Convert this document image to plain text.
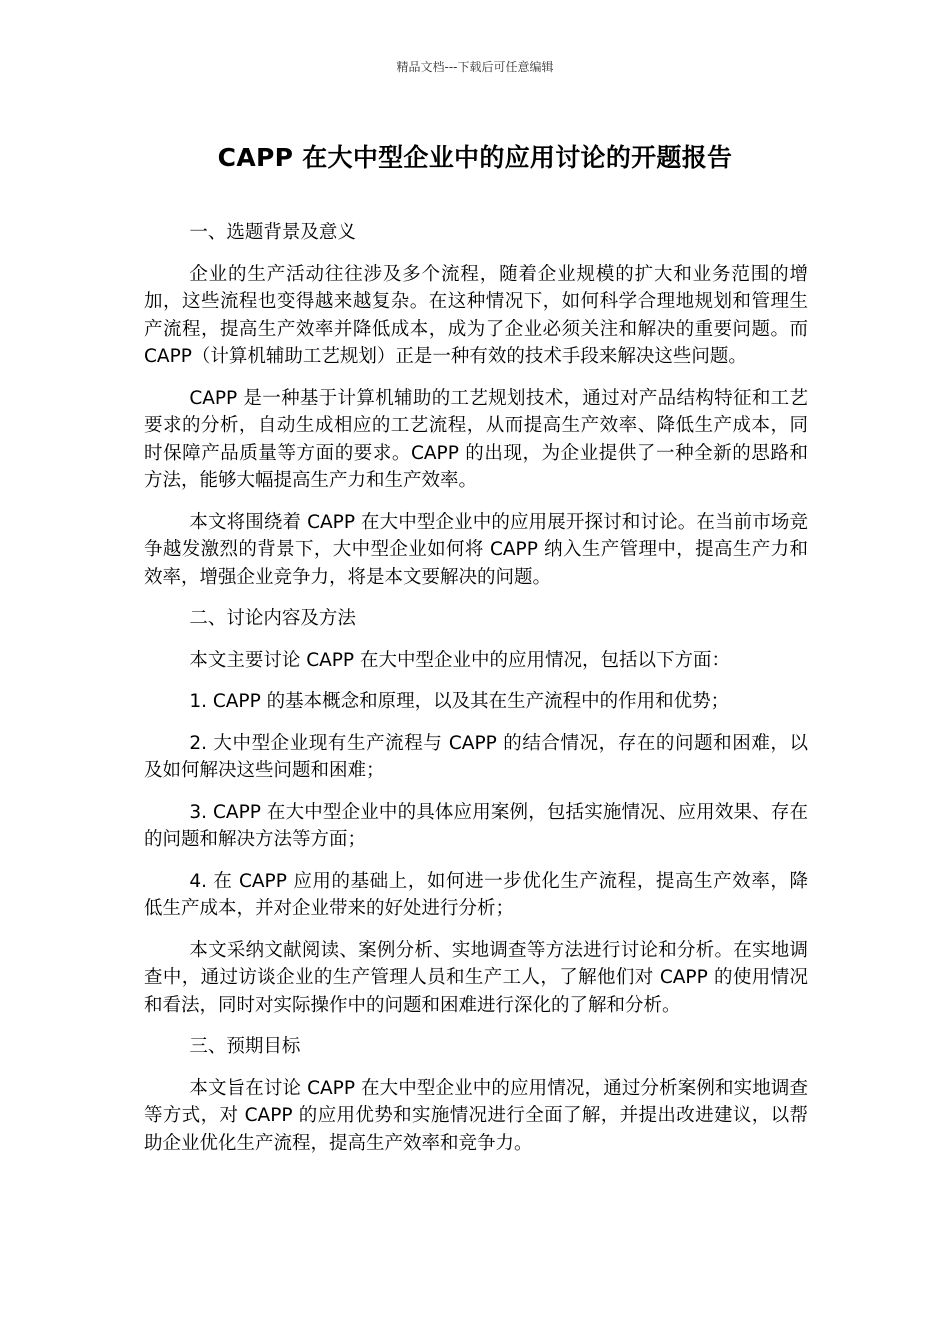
精品文档---下载后可任意编辑
CAPP 在大中型企业中的应用讨论的开题报告

一、选题背景及意义

企业的生产活动往往涉及多个流程，随着企业规模的扩大和业务范围的增加，这些流程也变得越来越复杂。在这种情况下，如何科学合理地规划和管理生产流程，提高生产效率并降低成本，成为了企业必须关注和解决的重要问题。而 CAPP（计算机辅助工艺规划）正是一种有效的技术手段来解决这些问题。

CAPP 是一种基于计算机辅助的工艺规划技术，通过对产品结构特征和工艺要求的分析，自动生成相应的工艺流程，从而提高生产效率、降低生产成本，同时保障产品质量等方面的要求。CAPP 的出现，为企业提供了一种全新的思路和方法，能够大幅提高生产力和生产效率。

本文将围绕着 CAPP 在大中型企业中的应用展开探讨和讨论。在当前市场竞争越发激烈的背景下，大中型企业如何将 CAPP 纳入生产管理中，提高生产力和效率，增强企业竞争力，将是本文要解决的问题。

二、讨论内容及方法

本文主要讨论 CAPP 在大中型企业中的应用情况，包括以下方面：

1. CAPP 的基本概念和原理，以及其在生产流程中的作用和优势；

2. 大中型企业现有生产流程与 CAPP 的结合情况，存在的问题和困难，以及如何解决这些问题和困难；

3. CAPP 在大中型企业中的具体应用案例，包括实施情况、应用效果、存在的问题和解决方法等方面；

4. 在 CAPP 应用的基础上，如何进一步优化生产流程，提高生产效率，降低生产成本，并对企业带来的好处进行分析；

本文采纳文献阅读、案例分析、实地调查等方法进行讨论和分析。在实地调查中，通过访谈企业的生产管理人员和生产工人，了解他们对 CAPP 的使用情况和看法，同时对实际操作中的问题和困难进行深化的了解和分析。

三、预期目标

本文旨在讨论 CAPP 在大中型企业中的应用情况，通过分析案例和实地调查等方式，对 CAPP 的应用优势和实施情况进行全面了解，并提出改进建议，以帮助企业优化生产流程，提高生产效率和竞争力。
